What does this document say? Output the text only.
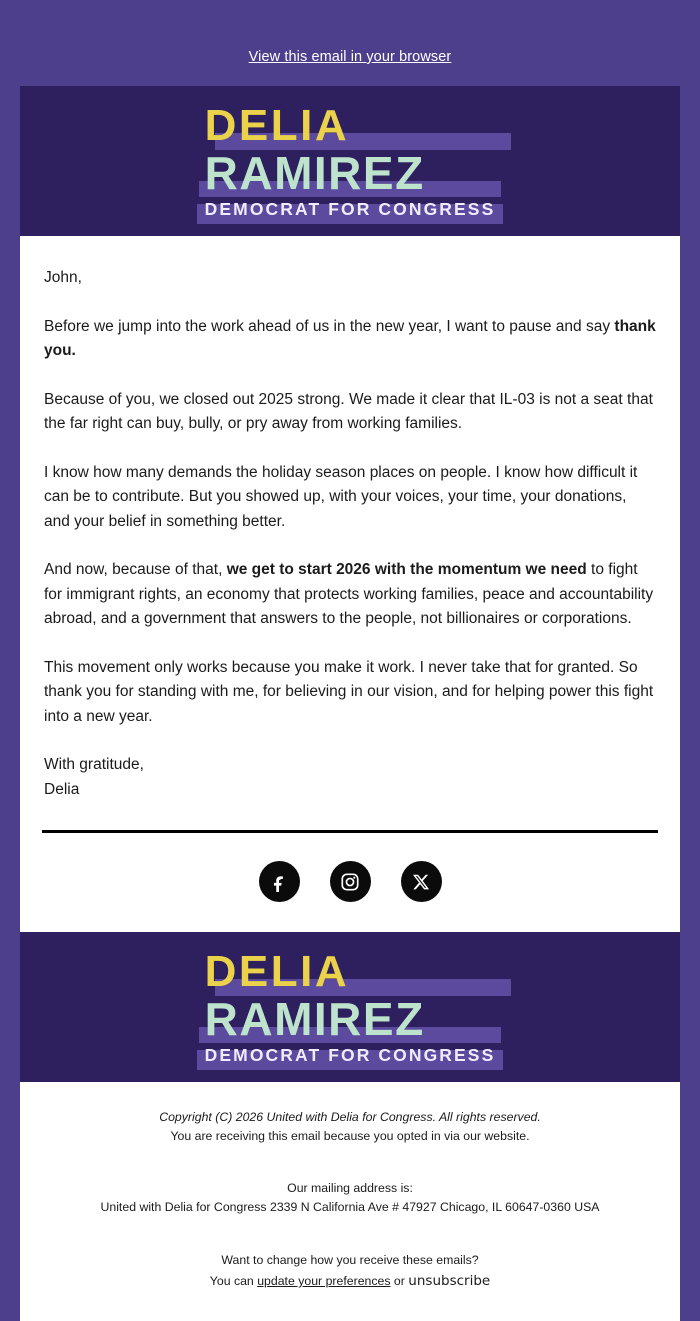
View this email in your browser
DELIA
RAMIREZ
DEMOCRAT FOR CONGRESS

John,

Before we jump into the work ahead of us in the new year, I want to pause and say thank you.

Because of you, we closed out 2025 strong. We made it clear that IL-03 is not a seat that the far right can buy, bully, or pry away from working families.

I know how many demands the holiday season places on people. I know how difficult it can be to contribute. But you showed up, with your voices, your time, your donations, and your belief in something better.

And now, because of that, we get to start 2026 with the momentum we need to fight for immigrant rights, an economy that protects working families, peace and accountability abroad, and a government that answers to the people, not billionaires or corporations.

This movement only works because you make it work. I never take that for granted. So thank you for standing with me, for believing in our vision, and for helping power this fight into a new year.

With gratitude,
Delia

DELIA
RAMIREZ
DEMOCRAT FOR CONGRESS

Copyright (C) 2026 United with Delia for Congress. All rights reserved.

You are receiving this email because you opted in via our website.

Our mailing address is:

United with Delia for Congress 2339 N California Ave # 47927 Chicago, IL 60647-0360 USA

Want to change how you receive these emails?

You can update your preferences or unsubscribe
